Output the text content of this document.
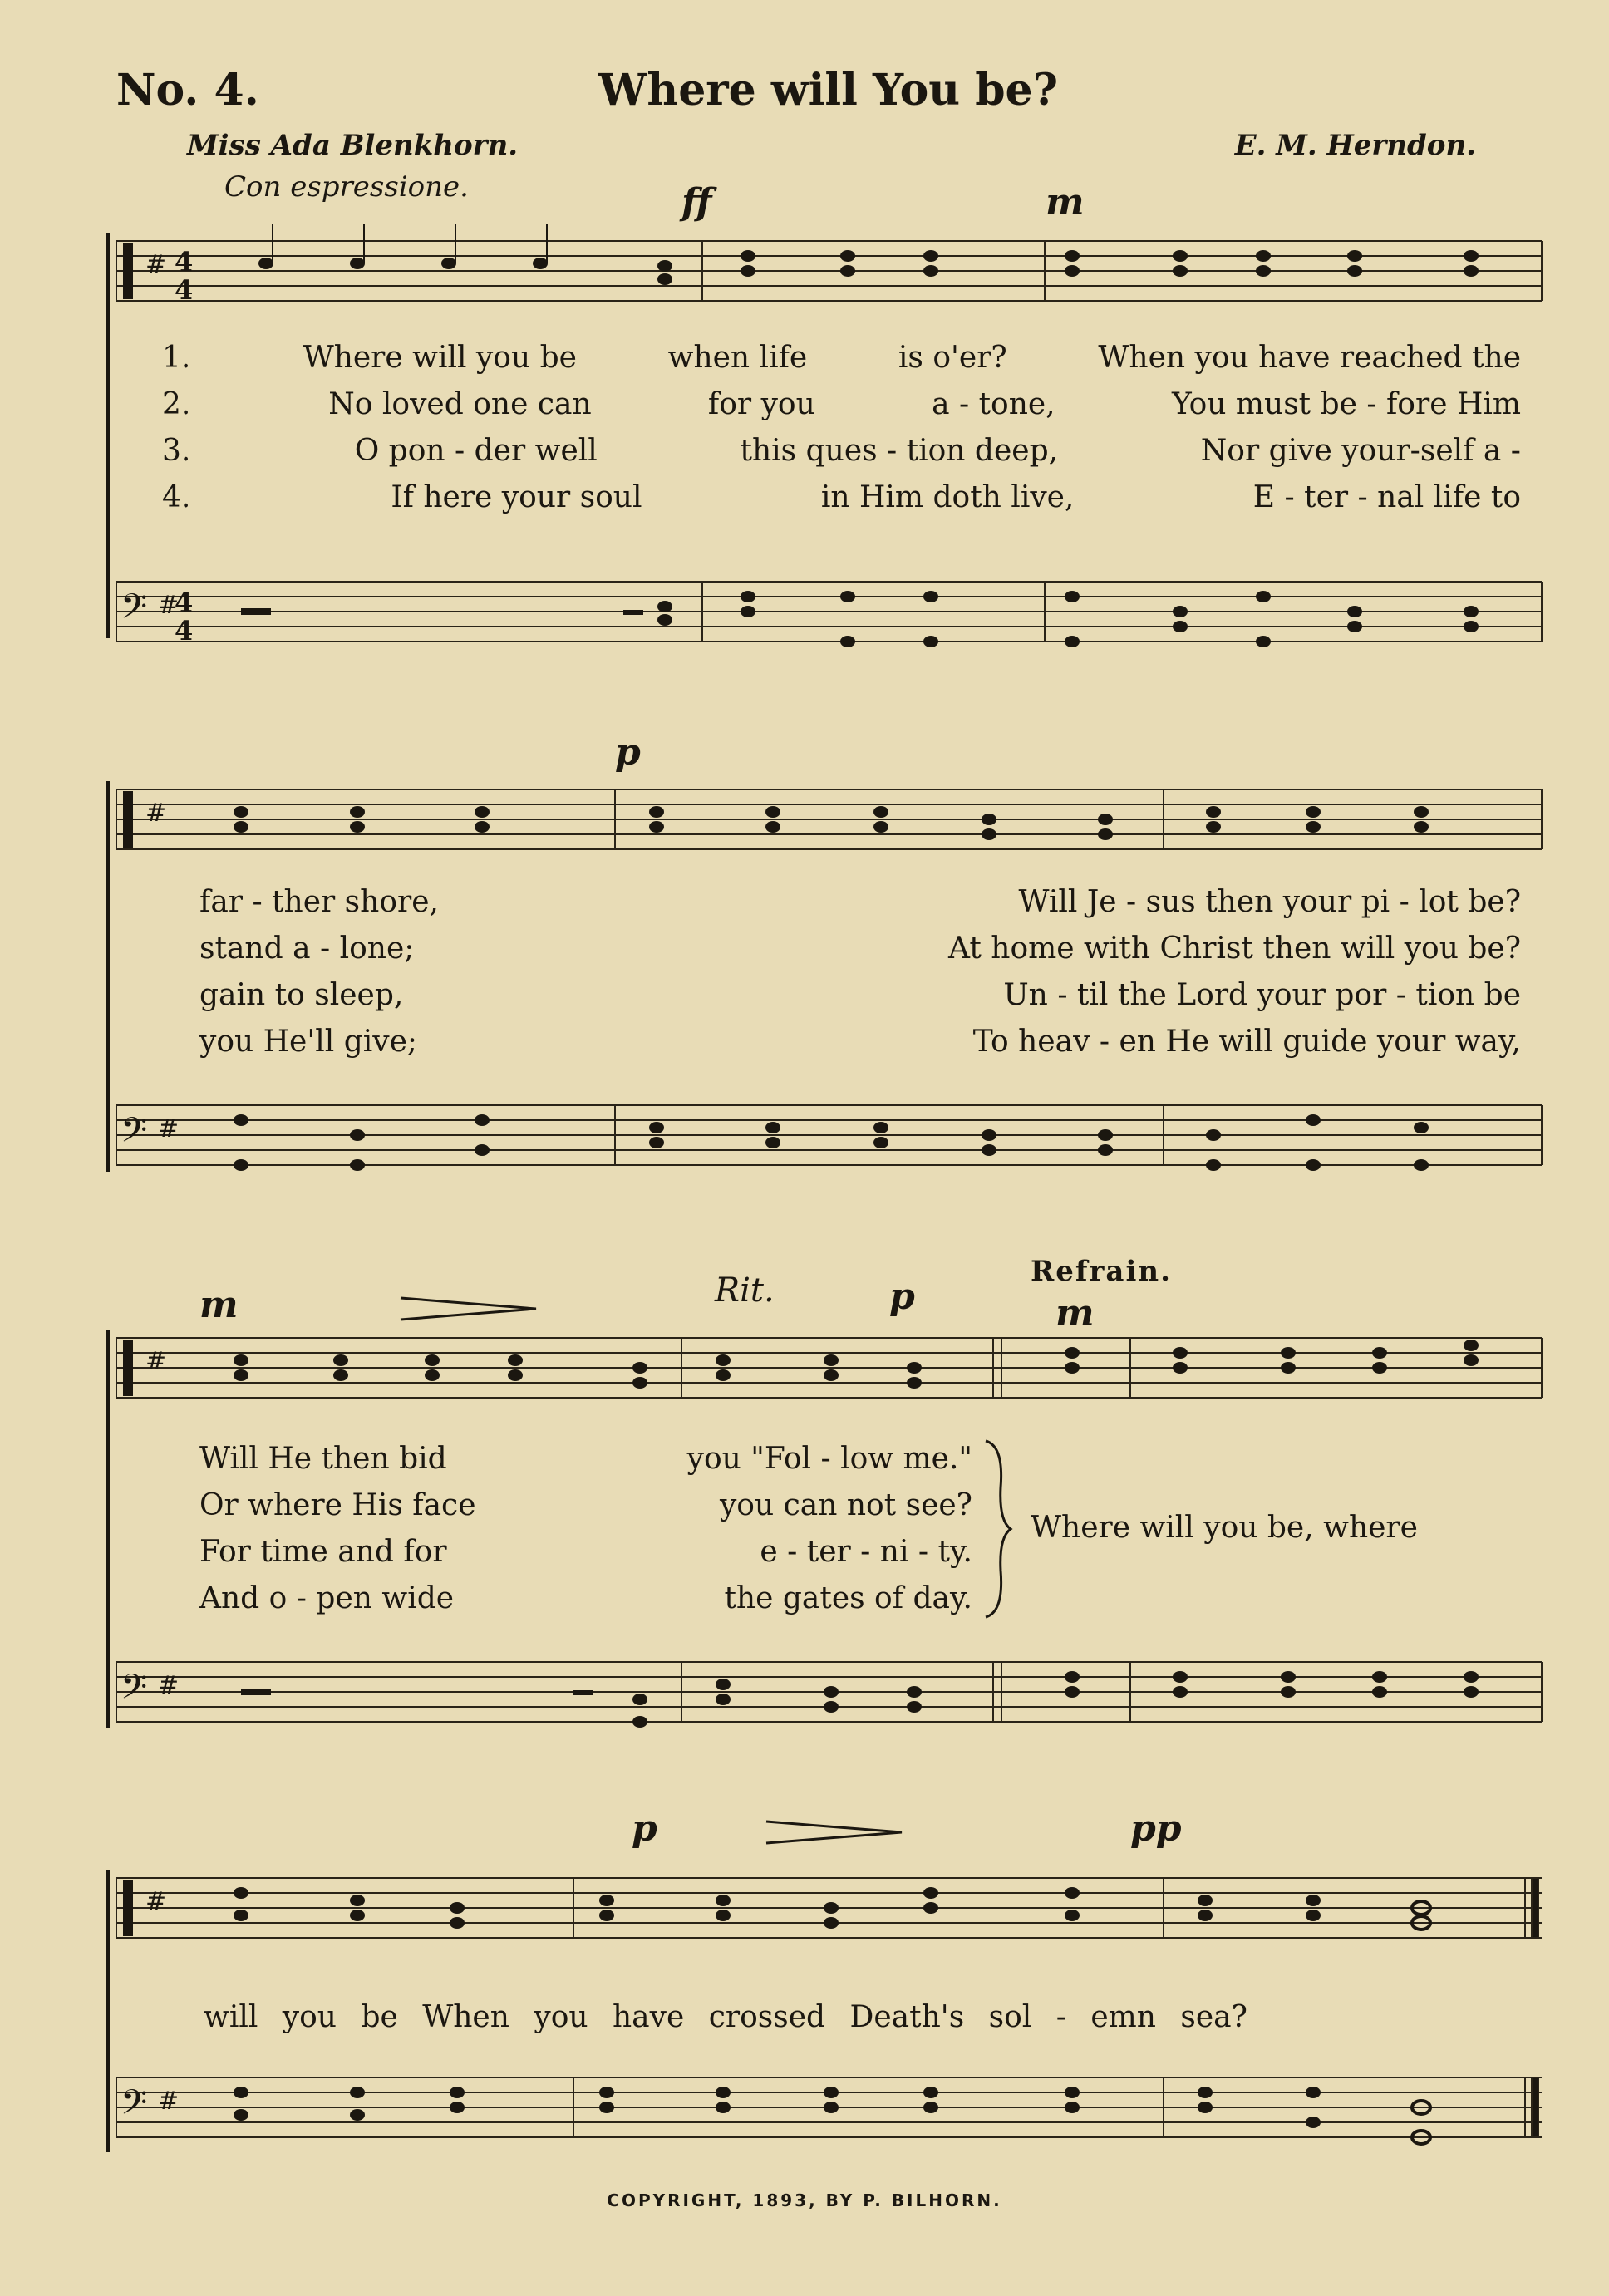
No. 4.	Where will You be?
Miss Ada Blenkhorn.	E. M. Herndon.
Con espressione.	ff	m
# 4
4
𝄢 #
4
4
1.	Where will you be	when life	is o'er?	When you have reached the
2.	No loved one can	for you	a - tone,	You must be - fore Him
3.	O pon - der well	this ques - tion deep,	Nor give your-self a -
4.	If here your soul	in Him doth live,	E - ter - nal life to
p
#
far - ther shore,	Will Je - sus then your pi - lot be?
stand a - lone;	At home with Christ then will you be?
gain to sleep,	Un - til the Lord your por - tion be
you He'll give;	To heav - en He will guide your way,
𝄢 #
m	Rit.	p
Refrain.
m
#
Will He then bid	you "Fol - low me."
Or where His face	you can not see?
For time and for	e - ter - ni - ty.
And o - pen wide	the gates of day.
Where will you be, where
𝄢 #
p	pp
#
will you be When you have crossed Death's sol - emn sea?
𝄢 #
COPYRIGHT, 1893, BY P. BILHORN.
